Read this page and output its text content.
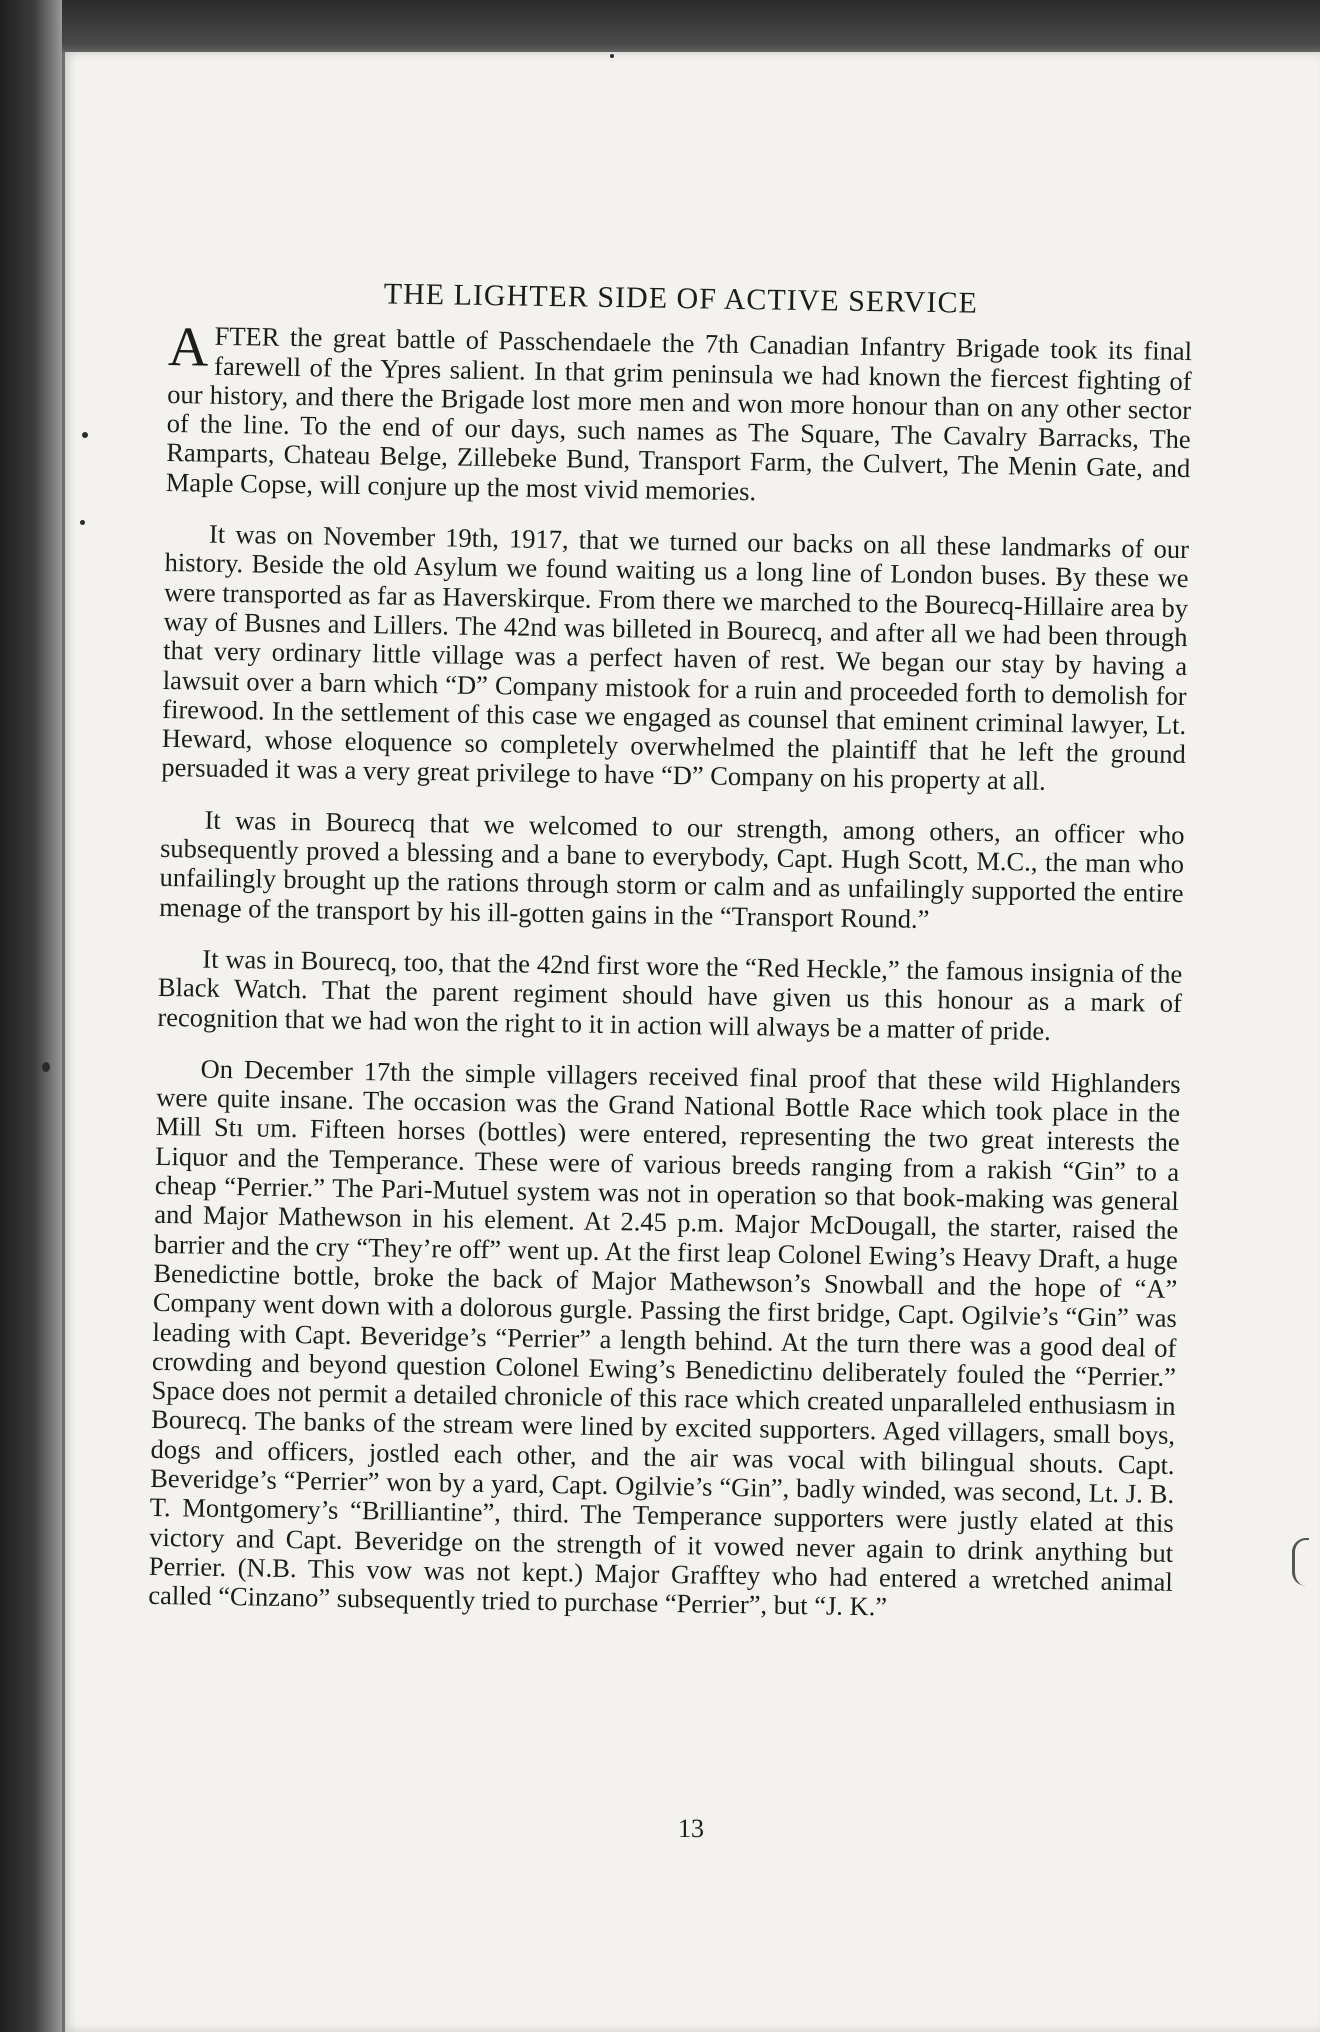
THE LIGHTER SIDE OF ACTIVE SERVICE

AFTER the great battle of Passchendaele the 7th Canadian Infantry Brigade took its final farewell of the Ypres salient. In that grim peninsula we had known the fiercest fighting of our history, and there the Brigade lost more men and won more honour than on any other sector of the line. To the end of our days, such names as The Square, The Cavalry Barracks, The Ramparts, Chateau Belge, Zillebeke Bund, Transport Farm, the Culvert, The Menin Gate, and Maple Copse, will conjure up the most vivid memories.

It was on November 19th, 1917, that we turned our backs on all these landmarks of our history. Beside the old Asylum we found waiting us a long line of London buses. By these we were transported as far as Haverskirque. From there we marched to the Bourecq-Hillaire area by way of Busnes and Lillers. The 42nd was billeted in Bourecq, and after all we had been through that very ordinary little village was a perfect haven of rest. We began our stay by having a lawsuit over a barn which “D” Company mistook for a ruin and proceeded forth to demolish for firewood. In the settlement of this case we engaged as counsel that eminent criminal lawyer, Lt. Heward, whose eloquence so completely overwhelmed the plaintiff that he left the ground persuaded it was a very great privilege to have “D” Company on his property at all.

It was in Bourecq that we welcomed to our strength, among others, an officer who subsequently proved a blessing and a bane to everybody, Capt. Hugh Scott, M.C., the man who unfailingly brought up the rations through storm or calm and as unfailingly supported the entire menage of the transport by his ill-gotten gains in the “Transport Round.”

It was in Bourecq, too, that the 42nd first wore the “Red Heckle,” the famous insignia of the Black Watch. That the parent regiment should have given us this honour as a mark of recognition that we had won the right to it in action will always be a matter of pride.

On December 17th the simple villagers received final proof that these wild Highlanders were quite insane. The occasion was the Grand National Bottle Race which took place in the Mill Stı ᴜm. Fifteen horses (bottles) were entered, representing the two great interests the Liquor and the Temperance. These were of various breeds ranging from a rakish “Gin” to a cheap “Perrier.” The Pari-Mutuel system was not in operation so that book-making was general and Major Mathewson in his element. At 2.45 p.m. Major McDougall, the starter, raised the barrier and the cry “They’re off” went up. At the first leap Colonel Ewing’s Heavy Draft, a huge Benedictine bottle, broke the back of Major Mathewson’s Snowball and the hope of “A” Company went down with a dolorous gurgle. Passing the first bridge, Capt. Ogilvie’s “Gin” was leading with Capt. Beveridge’s “Perrier” a length behind. At the turn there was a good deal of crowding and beyond question Colonel Ewing’s Benedictinυ deliberately fouled the “Perrier.” Space does not permit a detailed chronicle of this race which created unparalleled enthusiasm in Bourecq. The banks of the stream were lined by excited supporters. Aged villagers, small boys, dogs and officers, jostled each other, and the air was vocal with bilingual shouts. Capt. Beveridge’s “Perrier” won by a yard, Capt. Ogilvie’s “Gin”, badly winded, was second, Lt. J. B. T. Montgomery’s “Brilliantine”, third. The Temperance supporters were justly elated at this victory and Capt. Beveridge on the strength of it vowed never again to drink anything but Perrier. (N.B. This vow was not kept.) Major Grafftey who had entered a wretched animal called “Cinzano” subsequently tried to purchase “Perrier”, but “J. K.”

13
